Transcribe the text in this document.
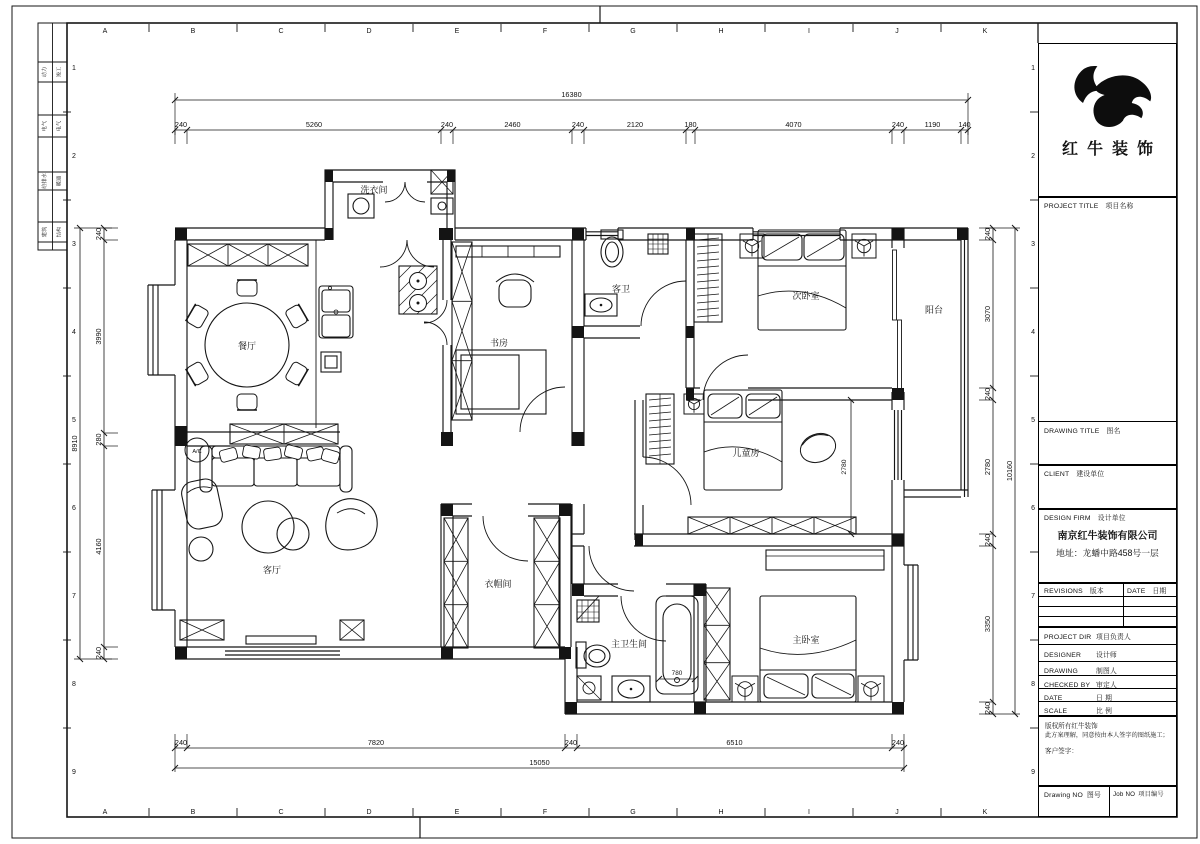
动力	竣工
电气	电气
给排水	暖通
建筑	结构
A
A
B
B
C
C
D
D
E
E
F
F
G
G
H
H
I
I
J
J
K
K
1	1
2	2
3	3
4	4
5	5
6	6
7	7
8	8
9	9
240	5260	240	2460	240	2120	180	4070	240	1190 140
16380
240	7820	240	6510	240
15050
240
3990
280
4160
240
8910
240
3070
240
2780
240
3350
240
10160
2780
780
A/C
洗衣间
餐厅	书房
客卫
次卧室
阳台
儿童房
客厅
衣帽间
主卫生间	主卧室
红牛装饰
PROJECT TITLE 项目名称
DRAWING TITLE 图名
CLIENT 建设单位
DESIGN FIRM 设计单位
南京红牛装饰有限公司
地址：龙蟠中路458号一层
REVISIONS 版本	DATE 日期
PROJECT DIR 项目负责人
DESIGNER 设计师
DRAWING	制图人
CHECKED BY 审定人
DATE	日 期
SCALE	比 例
版权所有红牛装饰
此方案理解，同意按由本人签字的图纸施工；
客户签字：
Drawing NO 图号 Job NO 项目编号
